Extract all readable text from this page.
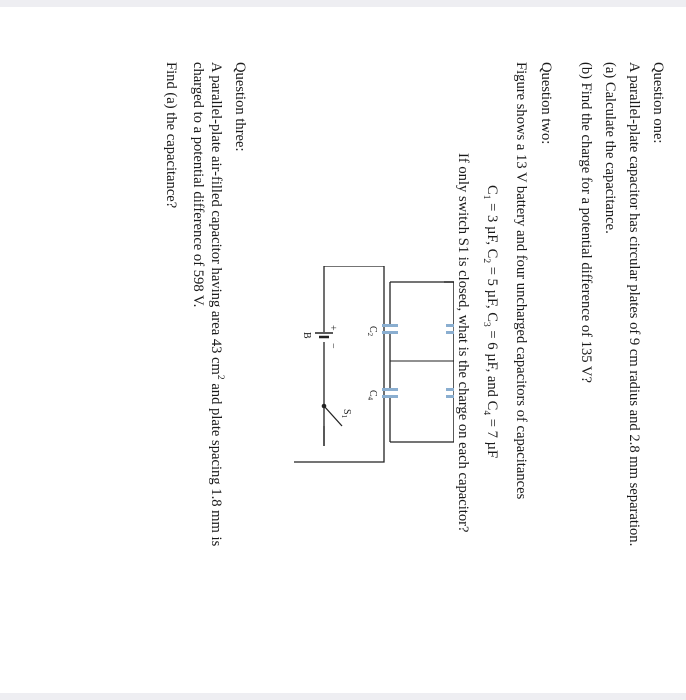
Question one:

A parallel-plate capacitor has circular plates of 9 cm radius and 2.8 mm separation.

(a) Calculate the capacitance.

(b) Find the charge for a potential difference of 135 V?

Question two:

Figure shows a 13 V battery and four uncharged capacitors of capacitances

$C_1 = 3$ µF, $C_2 = 5$ µF, $C_3 = 6$ µF, and $C_4 = 7$ µF

If only switch S1 is closed, what is the charge on each capacitor?

$C_2$
$C_4$
$S_1$
B
+
−

Question three:

A parallel-plate air-filled capacitor having area 43 $cm^2$ and plate spacing 1.8 mm is

charged to a potential difference of 598 V.

Find (a) the capacitance?
